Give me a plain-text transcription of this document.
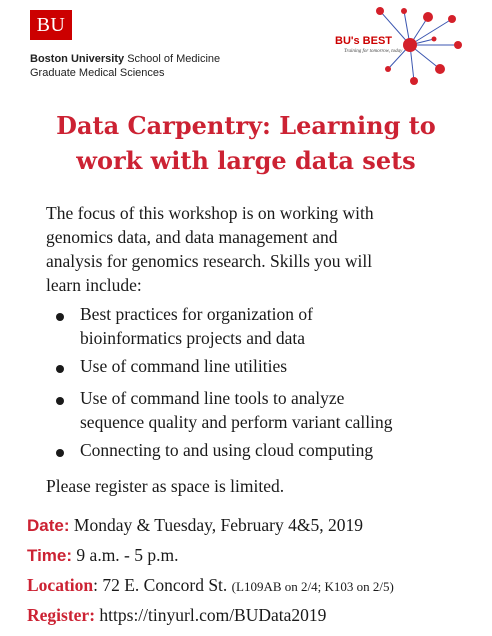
BU
Boston University School of Medicine
Graduate Medical Sciences
BU's BEST
Training for tomorrow, today
Data Carpentry: Learning to
work with large data sets
The focus of this workshop is on working with
genomics data, and data management and
analysis for genomics research. Skills you will
learn include:
Best practices for organization of
bioinformatics projects and data
Use of command line utilities
Use of command line tools to analyze
sequence quality and perform variant calling
Connecting to and using cloud computing
Please register as space is limited.
Date: Monday & Tuesday, February 4&5, 2019
Time: 9 a.m. - 5 p.m.
Location: 72 E. Concord St. (L109AB on 2/4; K103 on 2/5)
Register: https://tinyurl.com/BUData2019
